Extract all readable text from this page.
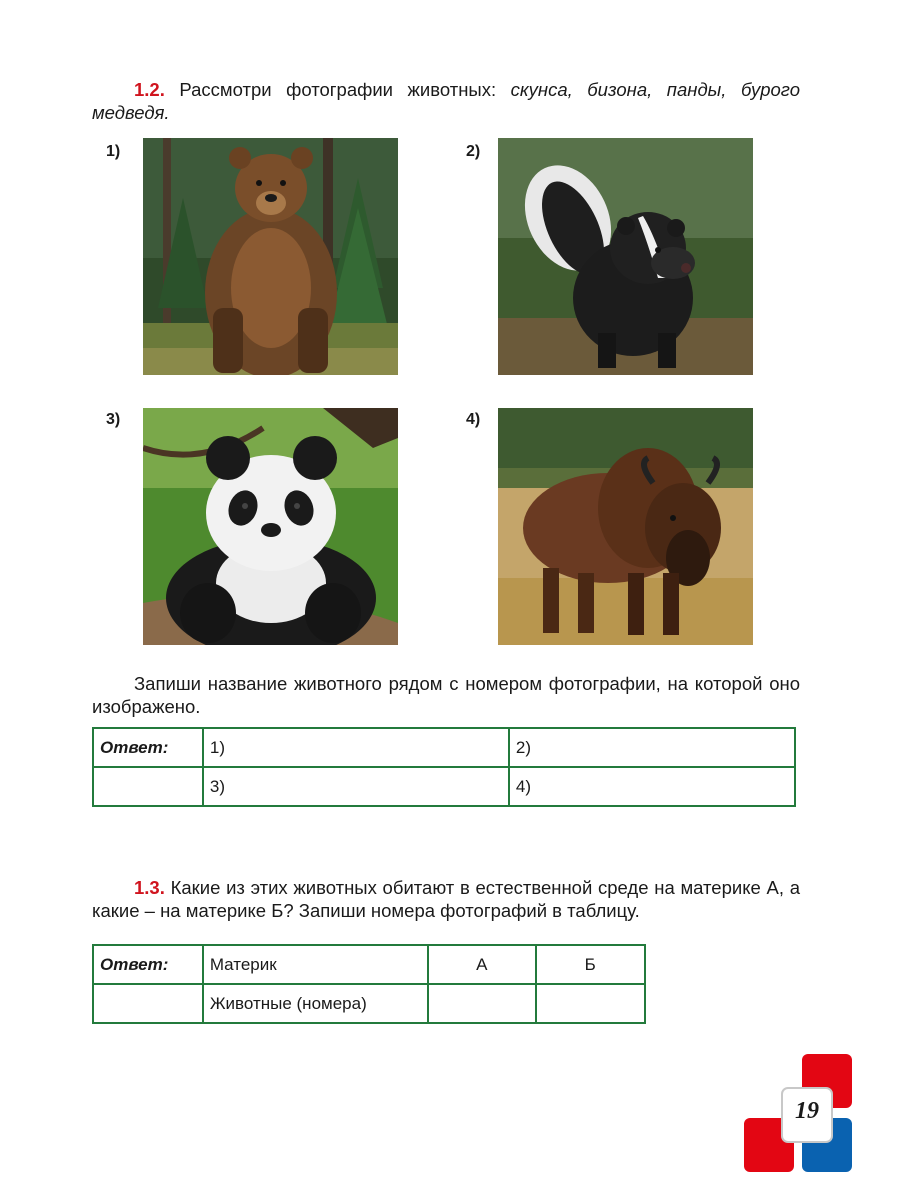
1.2. Рассмотри фотографии животных: скунса, бизона, панды, бурого медведя.
1)	2)
3)	4)
Запиши название животного рядом с номером фотографии, на которой оно изображено.
Ответ:	1)	2)
	3)	4)
1.3. Какие из этих животных обитают в естественной среде на материке А, а какие – на материке Б? Запиши номера фотографий в таблицу.
Ответ:	Материк	А	Б
	Животные (номера)		
19
